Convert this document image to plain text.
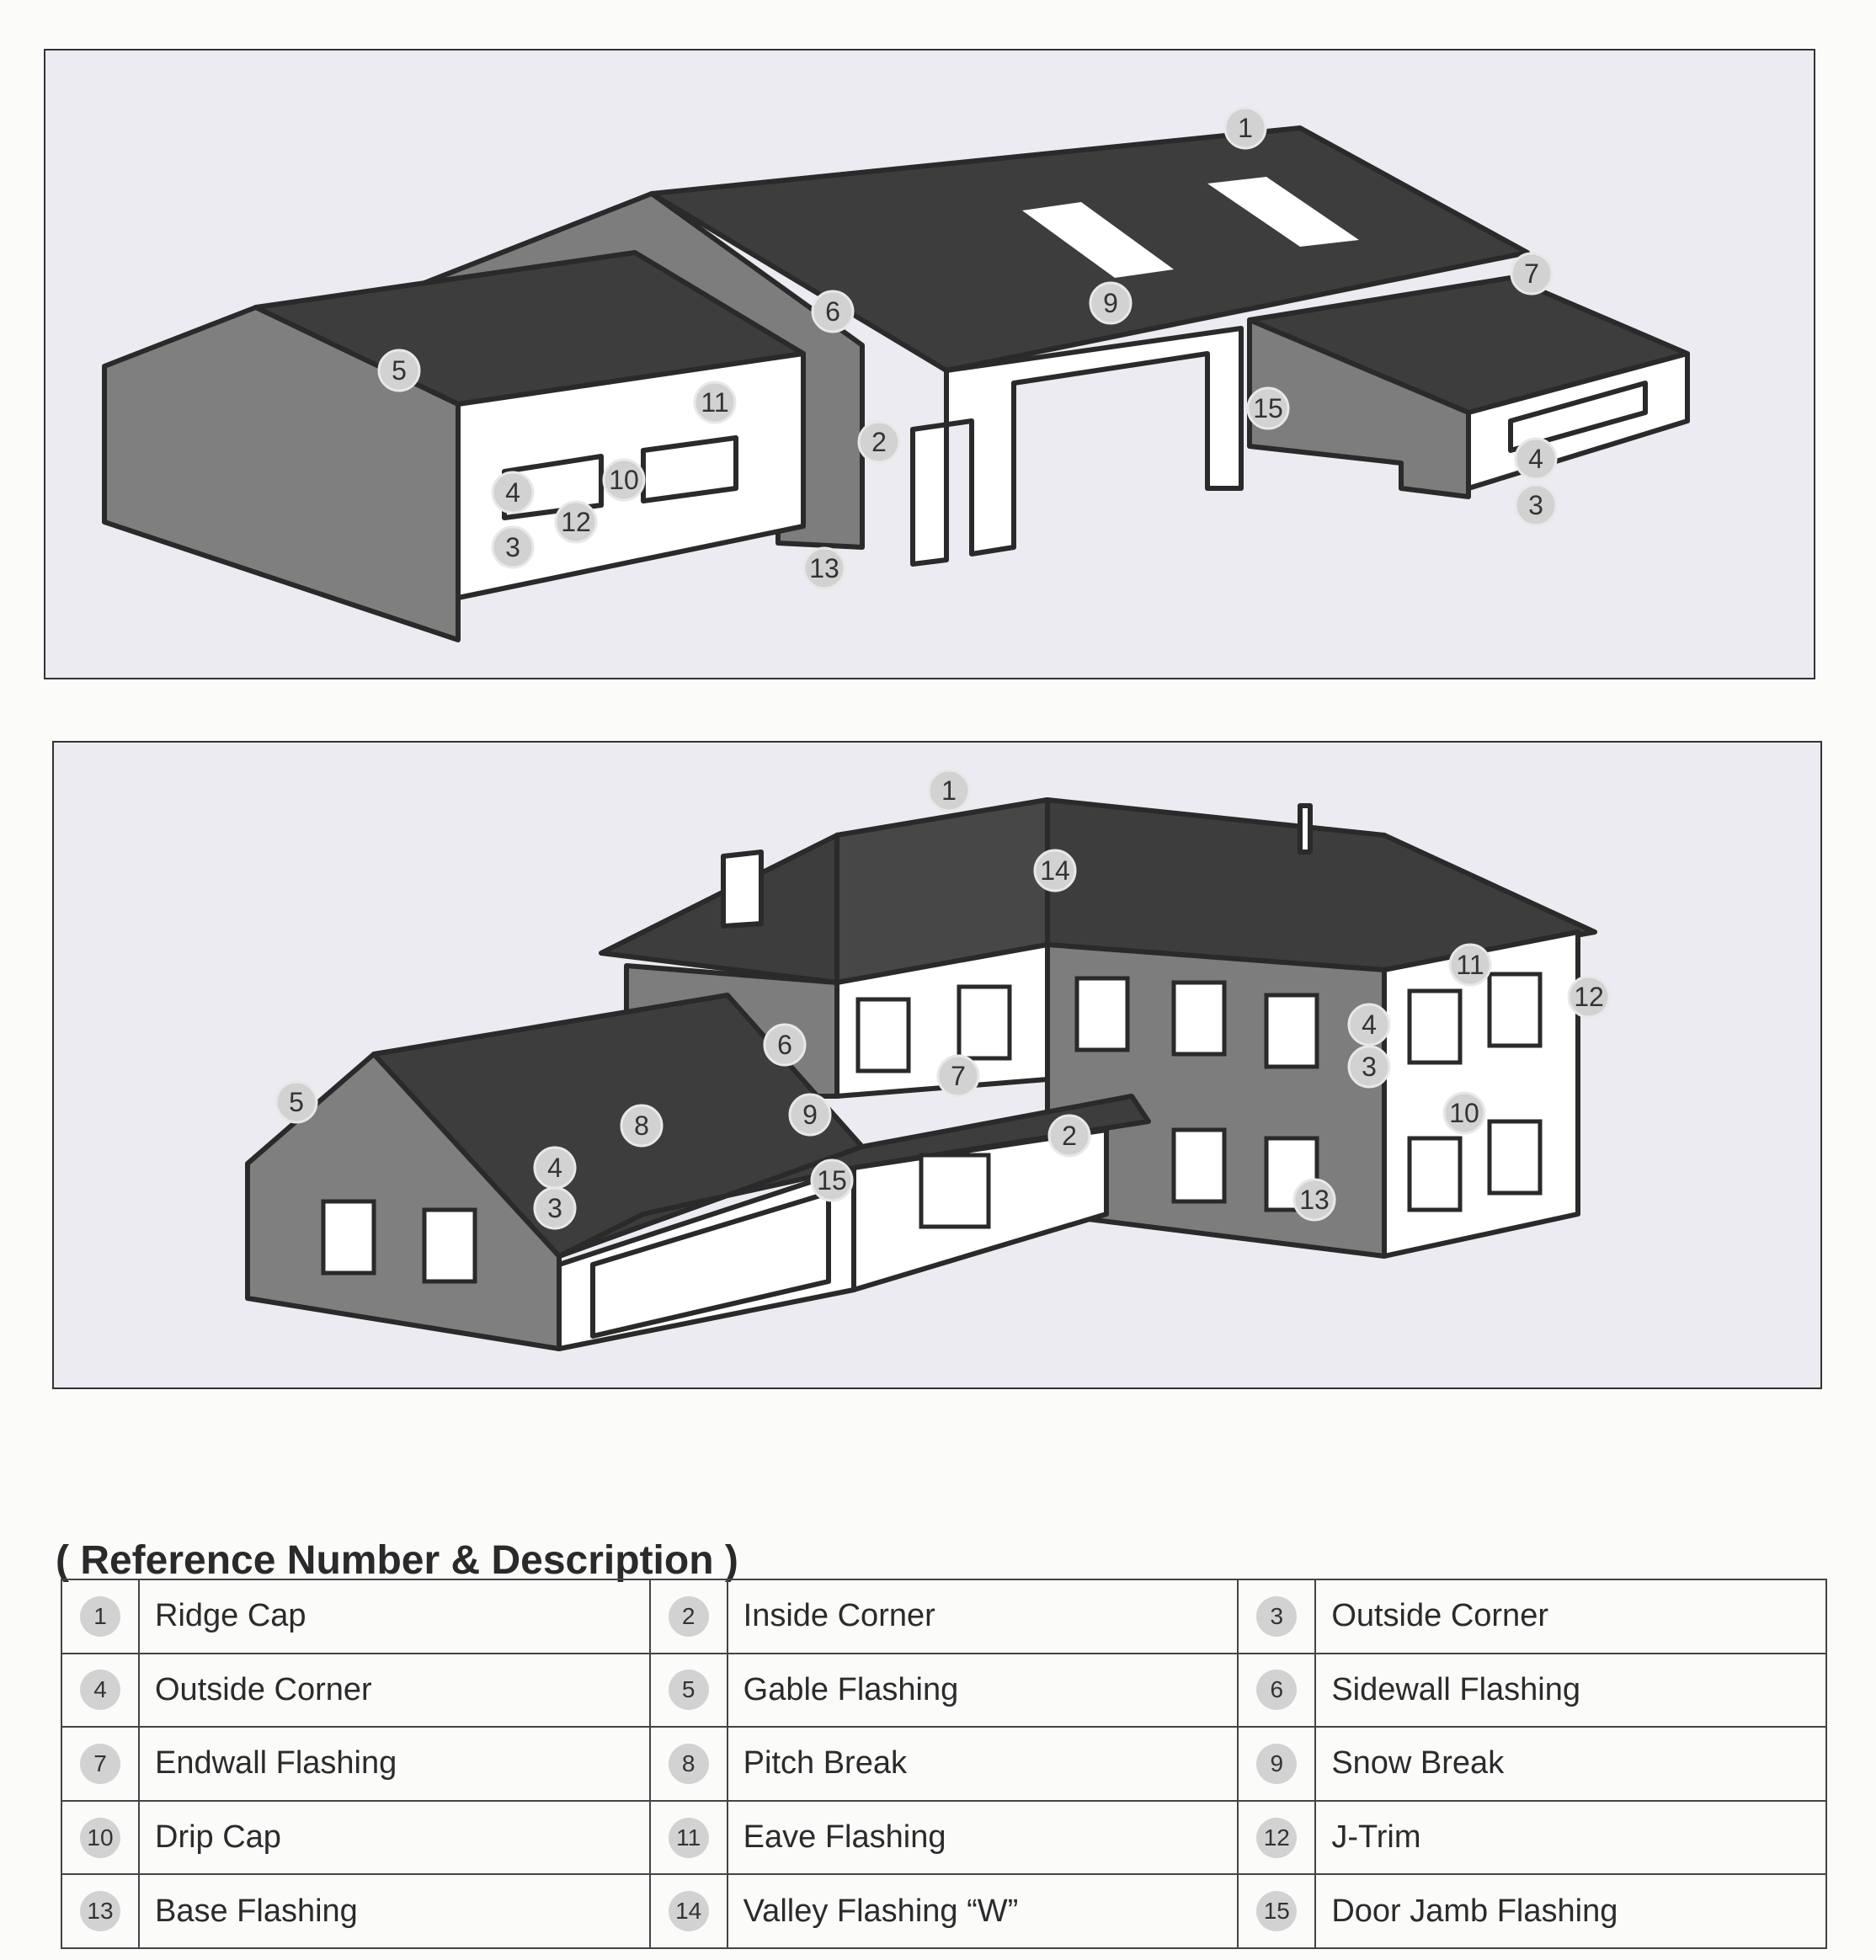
1
2
3
3
4
4
5
6
7
9
10
11
12
13
15
1
2
3
3
4
4
5
6
7
8	9	10
11
12
13
14
15
( Reference Number & Description )
1	Ridge Cap	2	Inside Corner	3	Outside Corner
4	Outside Corner	5	Gable Flashing	6	Sidewall Flashing
7	Endwall Flashing	8	Pitch Break	9	Snow Break
10	Drip Cap	11	Eave Flashing	12	J-Trim
13	Base Flashing	14	Valley Flashing “W”	15	Door Jamb Flashing
